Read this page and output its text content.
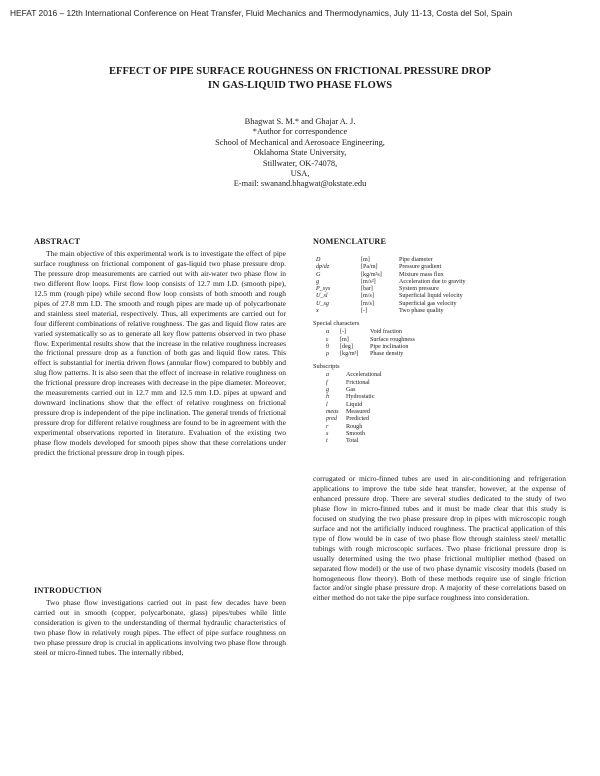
HEFAT 2016 – 12th International Conference on Heat Transfer, Fluid Mechanics and Thermodynamics, July 11-13, Costa del Sol, Spain
EFFECT OF PIPE SURFACE ROUGHNESS ON FRICTIONAL PRESSURE DROP
IN GAS-LIQUID TWO PHASE FLOWS
Bhagwat S. M.* and Ghajar A. J.
*Author for correspondence
School of Mechanical and Aerosoace Engineering,
Oklahoma State University,
Stillwater, OK-74078,
USA,
E-mail: swanand.bhagwat@okstate.edu
ABSTRACT

The main objective of this experimental work is to investigate the effect of pipe surface roughness on frictional component of gas-liquid two phase pressure drop. The pressure drop measurements are carried out with air-water two phase flow in two different flow loops. First flow loop consists of 12.7 mm I.D. (smooth pipe), 12.5 mm (rough pipe) while second flow loop consists of both smooth and rough pipes of 27.8 mm I.D. The smooth and rough pipes are made up of polycarbonate and stainless steel material, respectively. Thus, all experiments are carried out for four different combinations of relative roughness. The gas and liquid flow rates are varied systematically so as to generate all key flow patterns observed in two phase flow. Experimental results show that the increase in the relative roughness increases the frictional pressure drop as a function of both gas and liquid flow rates. This effect is substantial for inertia driven flows (annular flow) compared to bubbly and slug flow patterns. It is also seen that the effect of increase in relative roughness on the frictional pressure drop increases with decrease in the pipe diameter. Moreover, the measurements carried out in 12.7 mm and 12.5 mm I.D. pipes at upward and downward inclinations show that the effect of relative roughness on frictional pressure drop is independent of the pipe inclination. The general trends of frictional pressure drop for different relative roughness are found to be in agreement with the experimental observations reported in literature. Evaluation of the existing two phase flow models developed for smooth pipes show that these correlations under predict the frictional pressure drop in rough pipes.

INTRODUCTION

Two phase flow investigations carried out in past few decades have been carried out in smooth (copper, polycarbonate, glass) pipes/tubes while little consideration is given to the understanding of thermal hydraulic characteristics of two phase flow in relatively rough pipes. The effect of pipe surface roughness on two phase pressure drop is crucial in applications involving two phase flow through steel or micro-finned tubes. The internally ribbed,

NOMENCLATURE
D	[m]	Pipe diameter
dp/dz	[Pa/m]	Pressure gradient
G	[kg/m²s]	Mixture mass flux
g	[m/s²]	Acceleration due to gravity
P_sys	[bar]	System pressure
U_sl	[m/s]	Superficial liquid velocity
U_sg	[m/s]	Superficial gas velocity
x	[-]	Two phase quality
Special characters
α	[-]	Void fraction
ε	[m]	Surface roughness
θ	[deg]	Pipe inclination
ρ	[kg/m³]	Phase density
Subscripts
a	Accelerational
f	Frictional
g	Gas
h	Hydrostatic
l	Liquid
meas	Measured
pred	Predicted
r	Rough
s	Smooth
t	Total

corrugated or micro-finned tubes are used in air-conditioning and refrigeration applications to improve the tube side heat transfer, however, at the expense of enhanced pressure drop. There are several studies dedicated to the study of two phase flow in micro-finned tubes and it must be made clear that this study is focused on studying the two phase pressure drop in pipes with microscopic rough surface and not the artificially induced roughness. The practical application of this type of flow would be in case of two phase flow through stainless steel/ metallic tubings with rough microscopic surfaces. Two phase frictional pressure drop is usually determined using the two phase frictional multiplier method (based on separated flow model) or the use of two phase dynamic viscosity models (based on homogeneous flow theory). Both of these methods require use of single friction factor and/or single phase pressure drop. A majority of these correlations based on either method do not take the pipe surface roughness into consideration.
